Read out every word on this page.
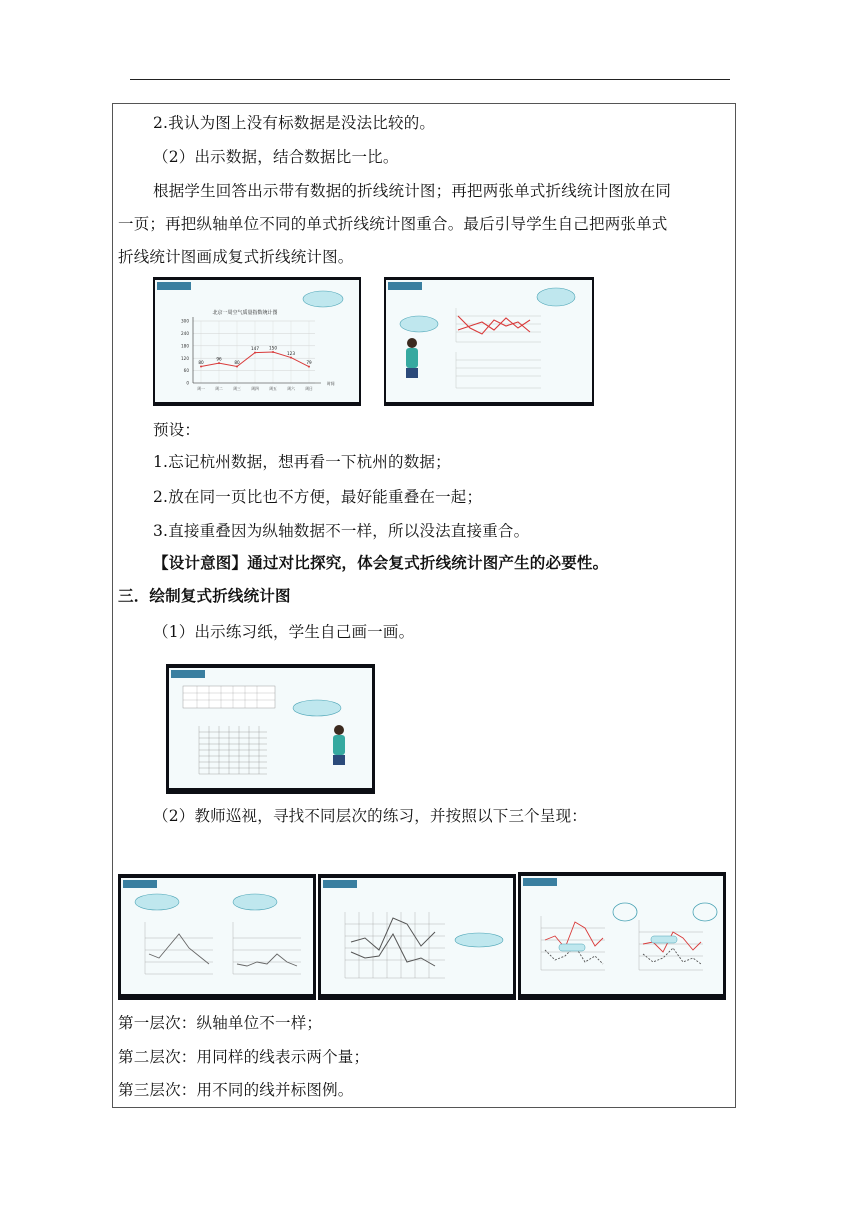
2.我认为图上没有标数据是没法比较的。
（2）出示数据，结合数据比一比。
根据学生回答出示带有数据的折线统计图；再把两张单式折线统计图放在同
一页；再把纵轴单位不同的单式折线统计图重合。最后引导学生自己把两张单式
折线统计图画成复式折线统计图。
北京一周空气质量指数统计图
0
60
120
180
240
300
周一	周二	周三	周四	周五	周六	周日
时间
80
96
80
147 150
123
79
预设：
1.忘记杭州数据，想再看一下杭州的数据；
2.放在同一页比也不方便，最好能重叠在一起；
3.直接重叠因为纵轴数据不一样，所以没法直接重合。
【设计意图】通过对比探究，体会复式折线统计图产生的必要性。
三．绘制复式折线统计图
（1）出示练习纸，学生自己画一画。
（2）教师巡视，寻找不同层次的练习，并按照以下三个呈现：
第一层次：纵轴单位不一样；
第二层次：用同样的线表示两个量；
第三层次：用不同的线并标图例。
